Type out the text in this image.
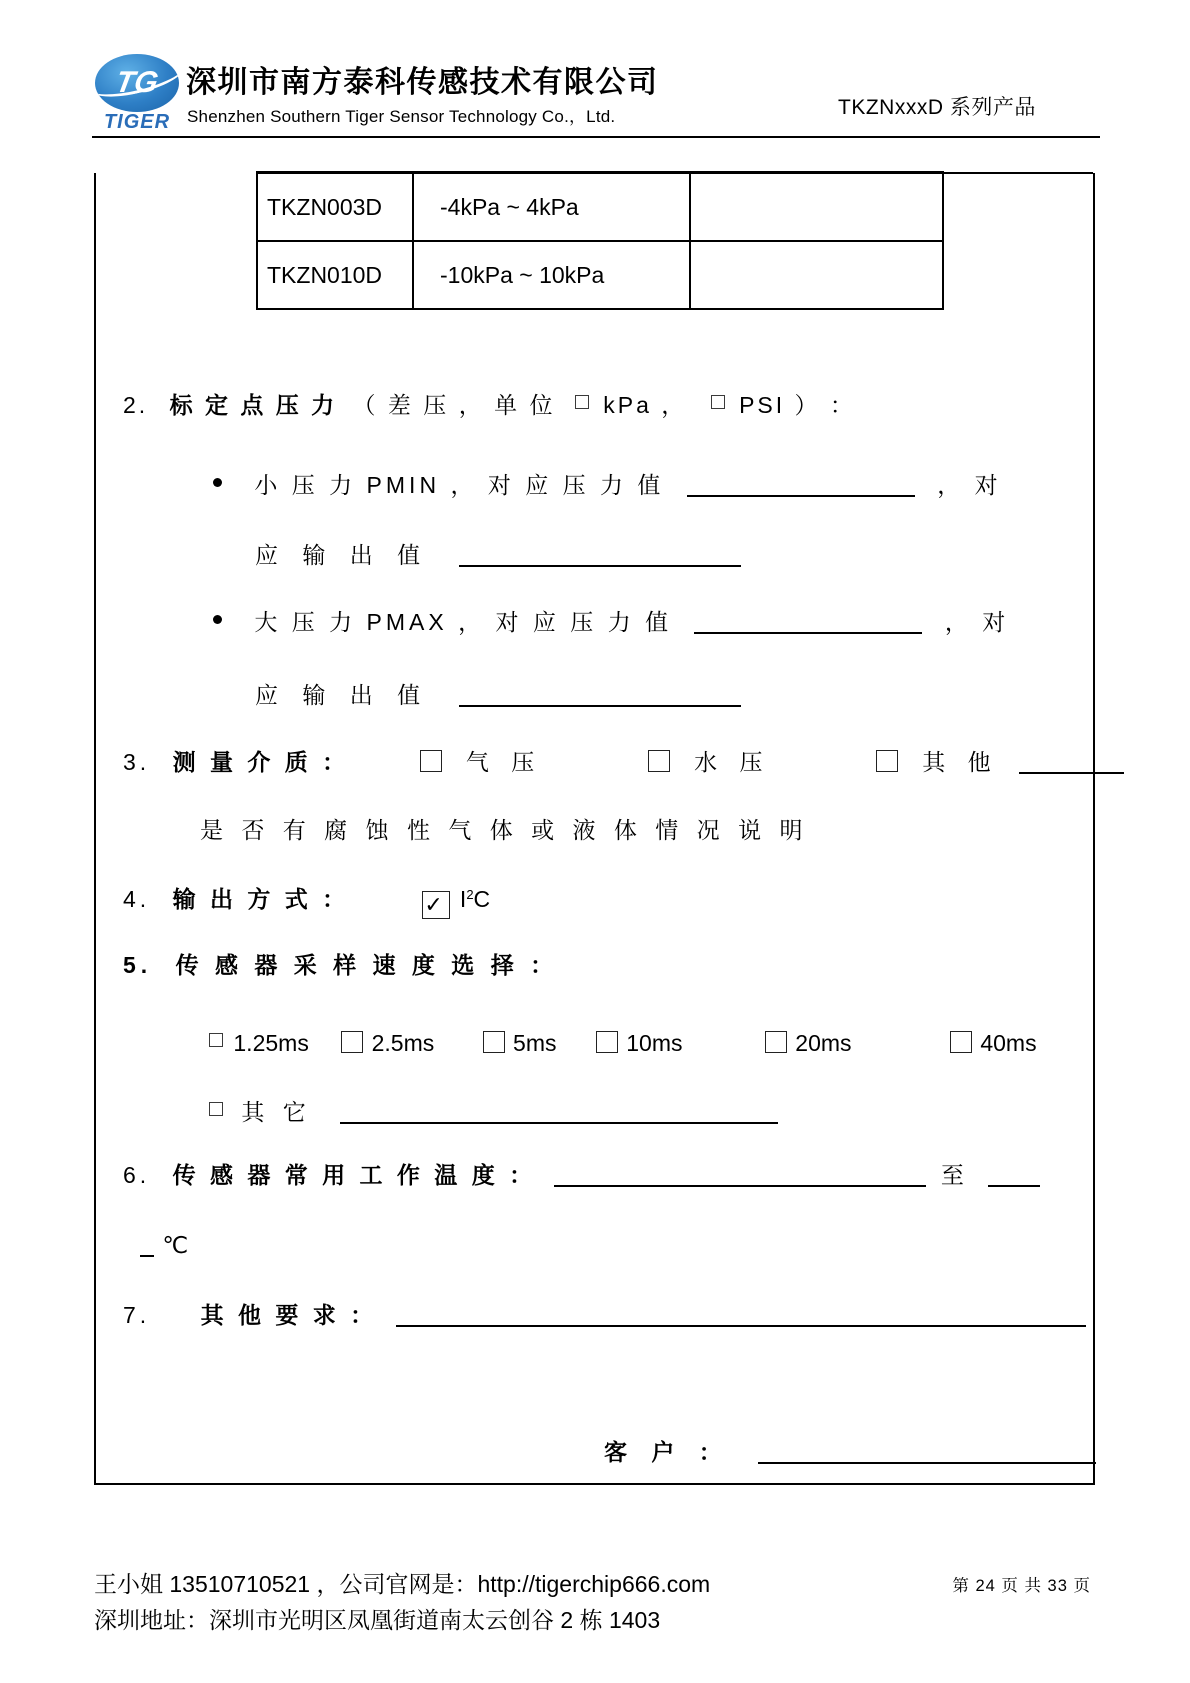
TG
TIGER
深圳市南方泰科传感技术有限公司
Shenzhen Southern Tiger Sensor Technology Co.，Ltd.	TKZNxxxD 系列产品
TKZN003D	-4kPa ~ 4kPa
TKZN010D	-10kPa ~ 10kPa
2. 标 定 点 压 力 （ 差 压 ， 单 位 kPa ， PSI ） ：
小 压 力 PMIN ， 对 应 压 力 值	， 对
应 输 出 值
大 压 力 PMAX ， 对 应 压 力 值	， 对
应 输 出 值
3. 测 量 介 质 ：	气 压	水 压	其 他
是 否 有 腐 蚀 性 气 体 或 液 体 情 况 说 明
4. 输 出 方 式 ：	✓ $I^2C$
5. 传 感 器 采 样 速 度 选 择 ：
1.25ms	2.5ms	5ms	10ms	20ms	40ms
其 它
6. 传 感 器 常 用 工 作 温 度 ：	至
℃
7. 其 他 要 求 ：
客 户 ：
王小姐 13510710521 ，公司官网是：http://tigerchip666.com	第 24 页 共 33 页
深圳地址：深圳市光明区凤凰街道南太云创谷 2 栋 1403
